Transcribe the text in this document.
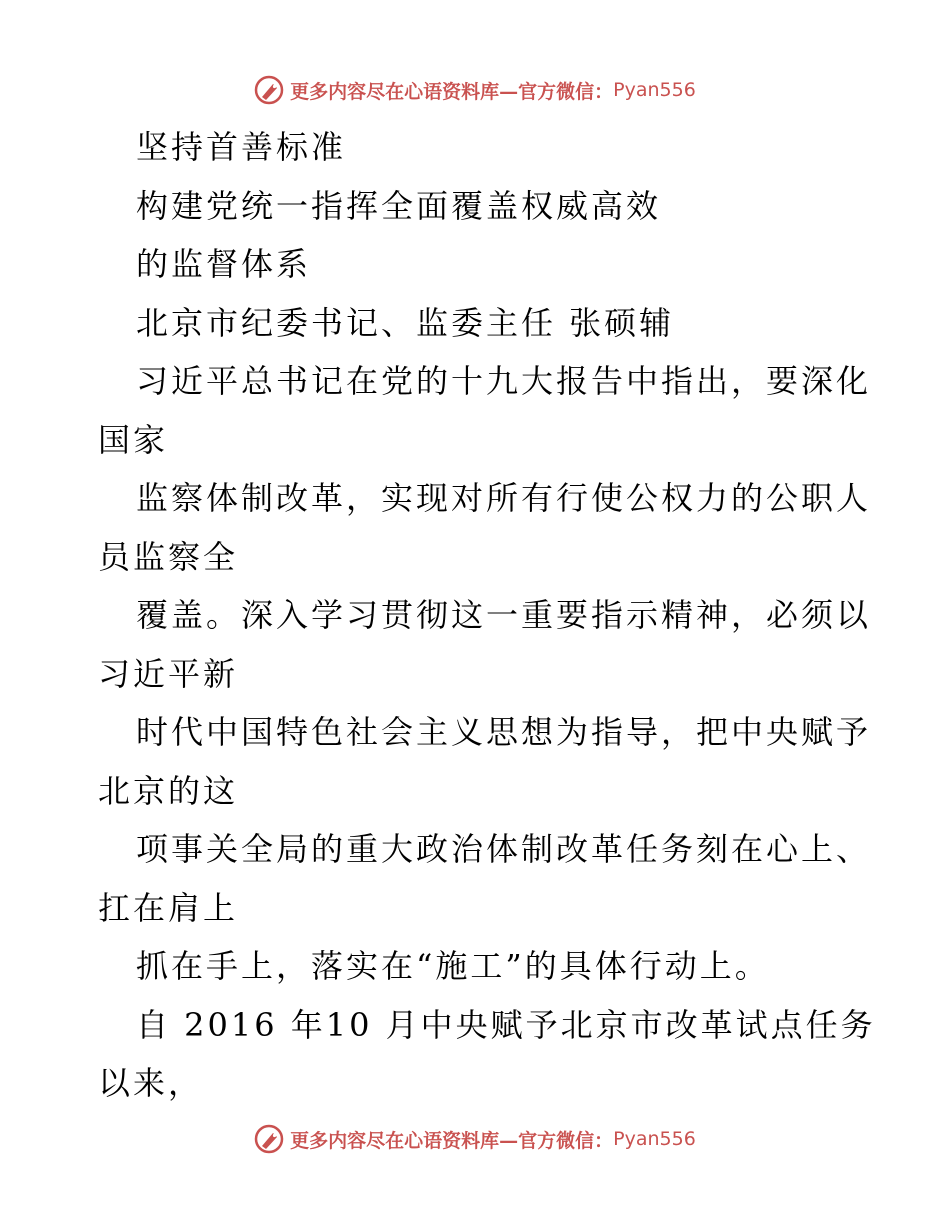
更多内容尽在心语资料库—官方微信： Pyan556
坚持首善标准
构建党统一指挥全面覆盖权威高效
的监督体系
北京市纪委书记、监委主任 张硕辅
习近平总书记在党的十九大报告中指出，要深化
国家
监察体制改革，实现对所有行使公权力的公职人
员监察全
覆盖。深入学习贯彻这一重要指示精神，必须以
习近平新
时代中国特色社会主义思想为指导，把中央赋予
北京的这
项事关全局的重大政治体制改革任务刻在心上、
扛在肩上
抓在手上，落实在“施工”的具体行动上。
自 2016 年10 月中央赋予北京市改革试点任务
以来，
更多内容尽在心语资料库—官方微信： Pyan556
